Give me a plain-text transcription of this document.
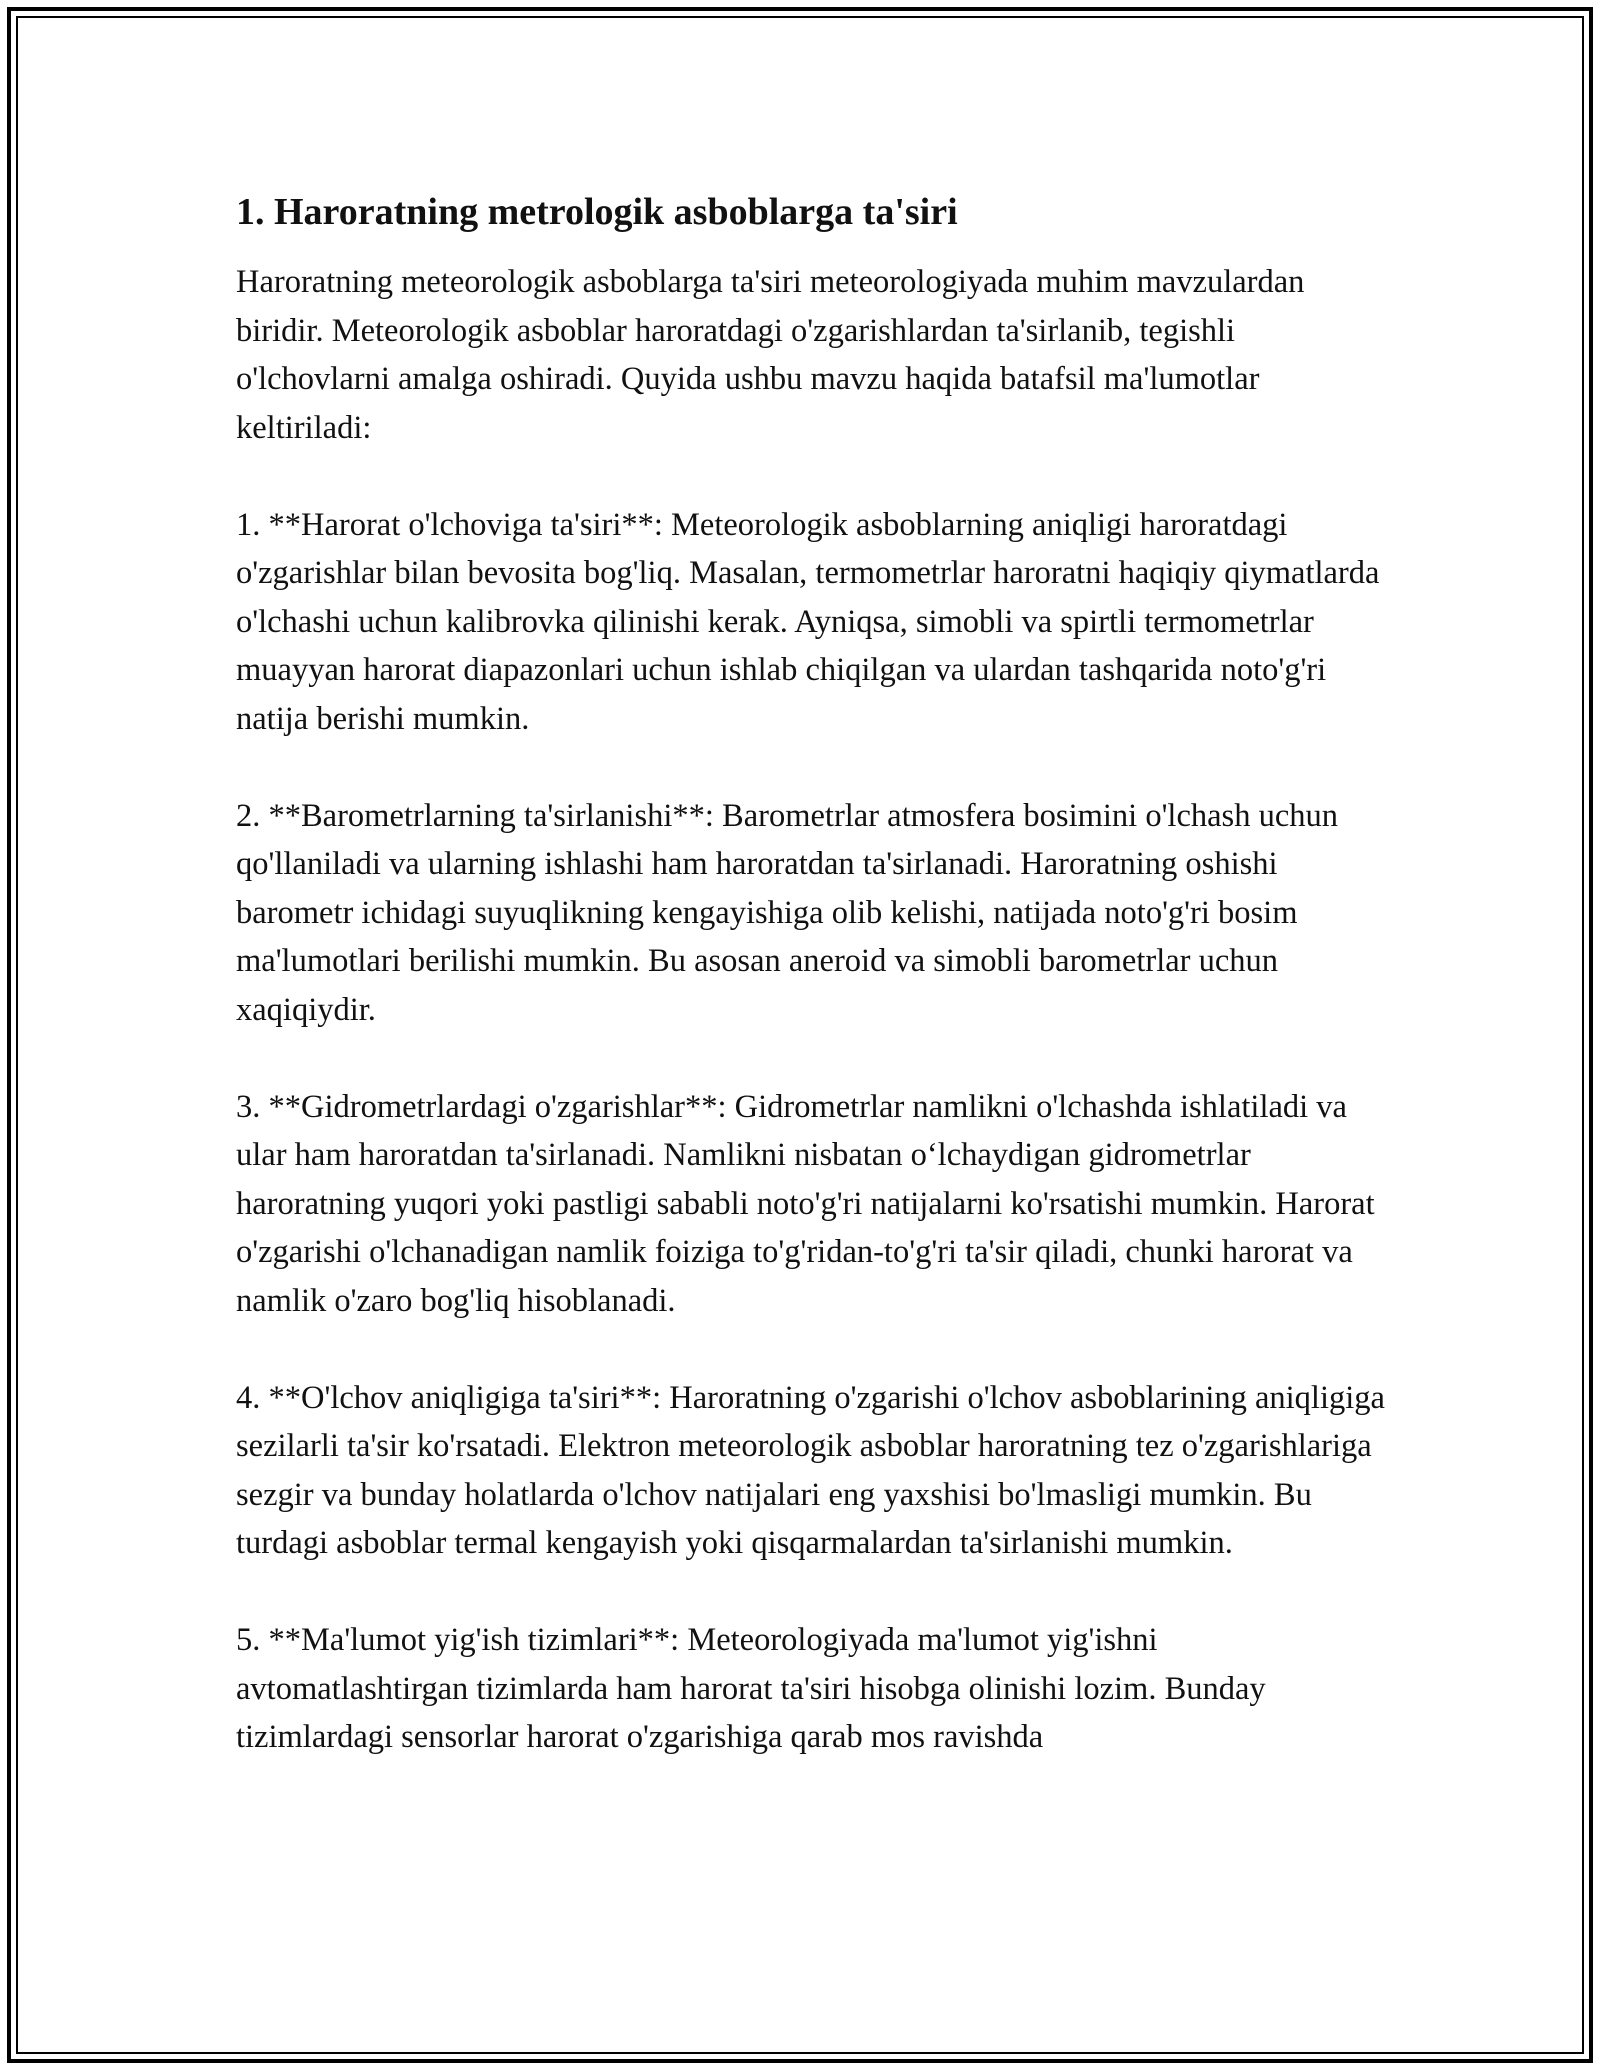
1. Haroratning metrologik asboblarga ta'siri

Haroratning meteorologik asboblarga ta'siri meteorologiyada muhim mavzulardan biridir. Meteorologik asboblar haroratdagi o'zgarishlardan ta'sirlanib, tegishli o'lchovlarni amalga oshiradi. Quyida ushbu mavzu haqida batafsil ma'lumotlar keltiriladi:

1. **Harorat o'lchoviga ta'siri**: Meteorologik asboblarning aniqligi haroratdagi o'zgarishlar bilan bevosita bog'liq. Masalan, termometrlar haroratni haqiqiy qiymatlarda o'lchashi uchun kalibrovka qilinishi kerak. Ayniqsa, simobli va spirtli termometrlar muayyan harorat diapazonlari uchun ishlab chiqilgan va ulardan tashqarida noto'g'ri natija berishi mumkin.

2. **Barometrlarning ta'sirlanishi**: Barometrlar atmosfera bosimini o'lchash uchun qo'llaniladi va ularning ishlashi ham haroratdan ta'sirlanadi. Haroratning oshishi barometr ichidagi suyuqlikning kengayishiga olib kelishi, natijada noto'g'ri bosim ma'lumotlari berilishi mumkin. Bu asosan aneroid va simobli barometrlar uchun xaqiqiydir.

3. **Gidrometrlardagi o'zgarishlar**: Gidrometrlar namlikni o'lchashda ishlatiladi va ular ham haroratdan ta'sirlanadi. Namlikni nisbatan o‘lchaydigan gidrometrlar haroratning yuqori yoki pastligi sababli noto'g'ri natijalarni ko'rsatishi mumkin. Harorat o'zgarishi o'lchanadigan namlik foiziga to'g'ridan-to'g'ri ta'sir qiladi, chunki harorat va namlik o'zaro bog'liq hisoblanadi.

4. **O'lchov aniqligiga ta'siri**: Haroratning o'zgarishi o'lchov asboblarining aniqligiga sezilarli ta'sir ko'rsatadi. Elektron meteorologik asboblar haroratning tez o'zgarishlariga sezgir va bunday holatlarda o'lchov natijalari eng yaxshisi bo'lmasligi mumkin. Bu turdagi asboblar termal kengayish yoki qisqarmalardan ta'sirlanishi mumkin.

5. **Ma'lumot yig'ish tizimlari**: Meteorologiyada ma'lumot yig'ishni avtomatlashtirgan tizimlarda ham harorat ta'siri hisobga olinishi lozim. Bunday tizimlardagi sensorlar harorat o'zgarishiga qarab mos ravishda
